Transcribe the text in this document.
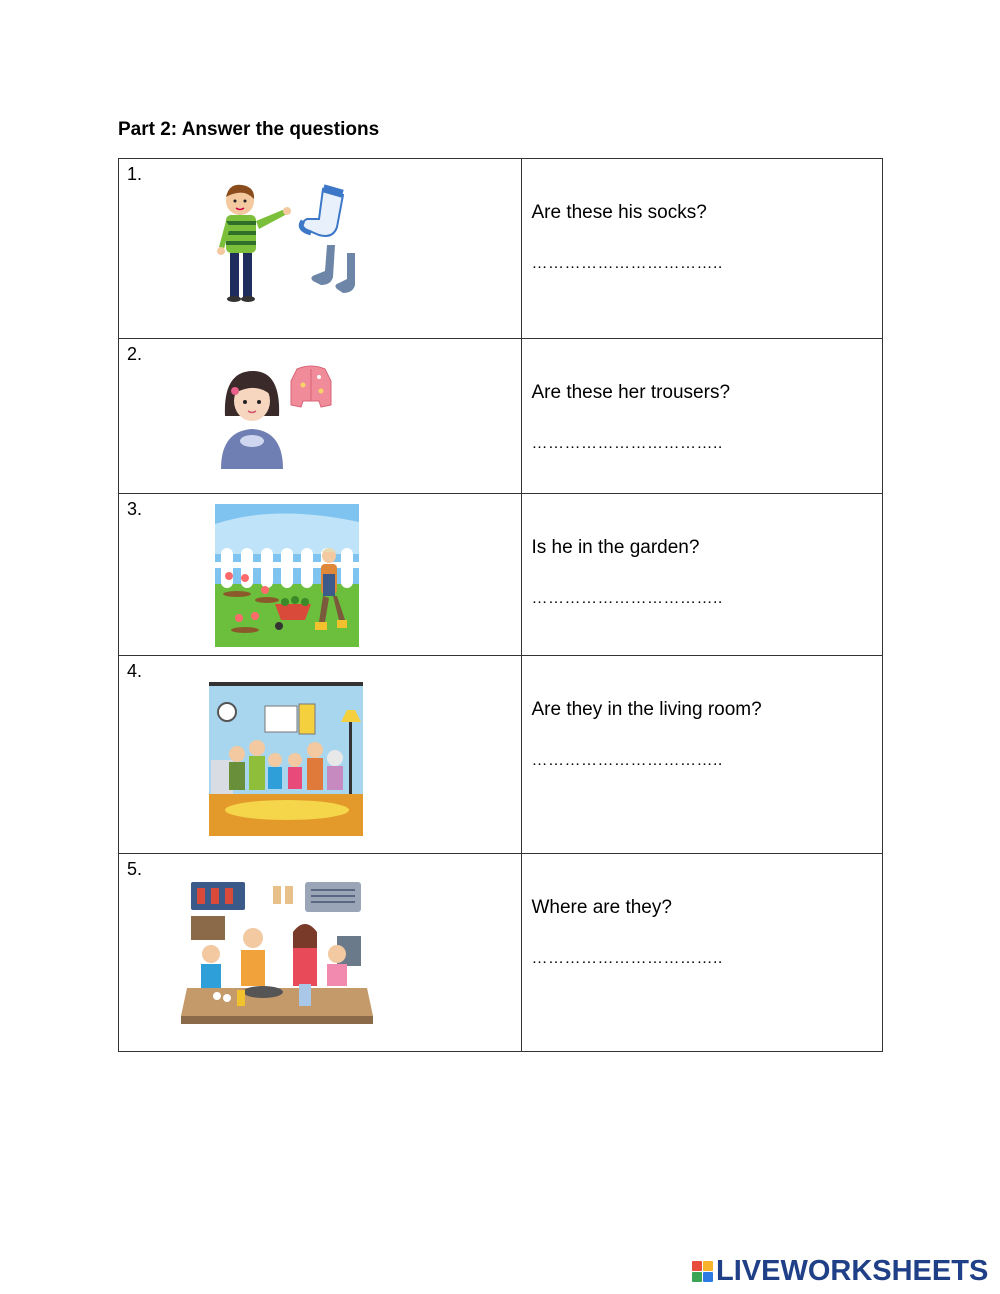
Part 2: Answer the questions
1.	Are these his socks?
……………………………..

2.	Are these her trousers?
……………………………..

3.	Is he in the garden?
……………………………..

4.	Are they in the living room?
……………………………..

5.	Where are they?
……………………………..
LIVEWORKSHEETS
